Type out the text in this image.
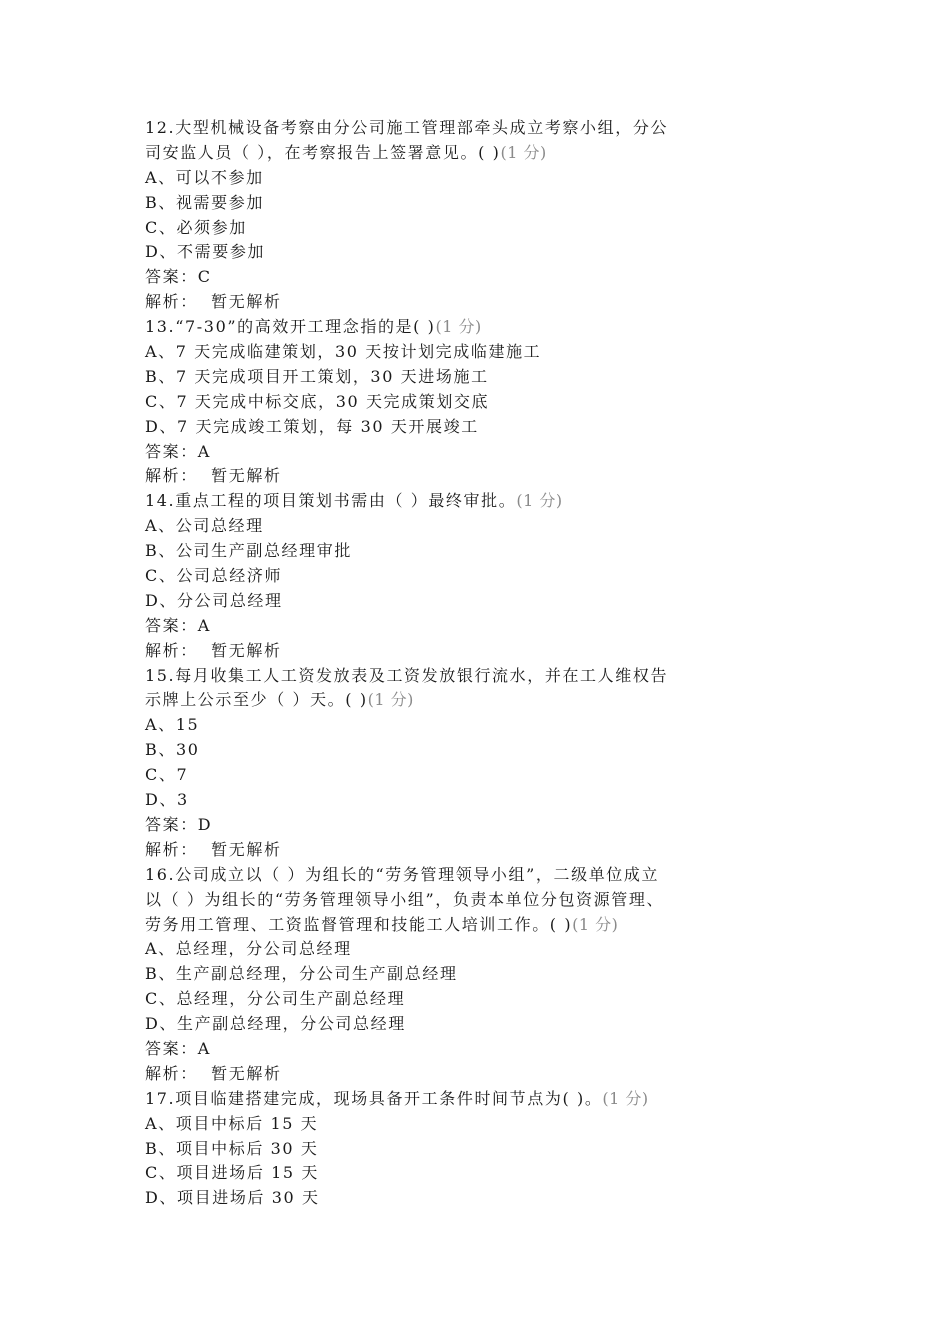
12.大型机械设备考察由分公司施工管理部牵头成立考察小组，分公
司安监人员（ ），在考察报告上签署意见。( )(1 分)
A、可以不参加
B、视需要参加
C、必须参加
D、不需要参加
答案：C
解析：  暂无解析
13.“7-30”的高效开工理念指的是( )(1 分)
A、7 天完成临建策划，30 天按计划完成临建施工
B、7 天完成项目开工策划，30 天进场施工
C、7 天完成中标交底，30 天完成策划交底
D、7 天完成竣工策划，每 30 天开展竣工
答案：A
解析：  暂无解析
14.重点工程的项目策划书需由（ ）最终审批。(1 分)
A、公司总经理
B、公司生产副总经理审批
C、公司总经济师
D、分公司总经理
答案：A
解析：  暂无解析
15.每月收集工人工资发放表及工资发放银行流水，并在工人维权告
示牌上公示至少（ ）天。( )(1 分)
A、15
B、30
C、7
D、3
答案：D
解析：  暂无解析
16.公司成立以（ ）为组长的“劳务管理领导小组”，二级单位成立
以（ ）为组长的“劳务管理领导小组”，负责本单位分包资源管理、
劳务用工管理、工资监督管理和技能工人培训工作。( )(1 分)
A、总经理，分公司总经理
B、生产副总经理，分公司生产副总经理
C、总经理，分公司生产副总经理
D、生产副总经理，分公司总经理
答案：A
解析：  暂无解析
17.项目临建搭建完成，现场具备开工条件时间节点为( )。(1 分)
A、项目中标后 15 天
B、项目中标后 30 天
C、项目进场后 15 天
D、项目进场后 30 天
